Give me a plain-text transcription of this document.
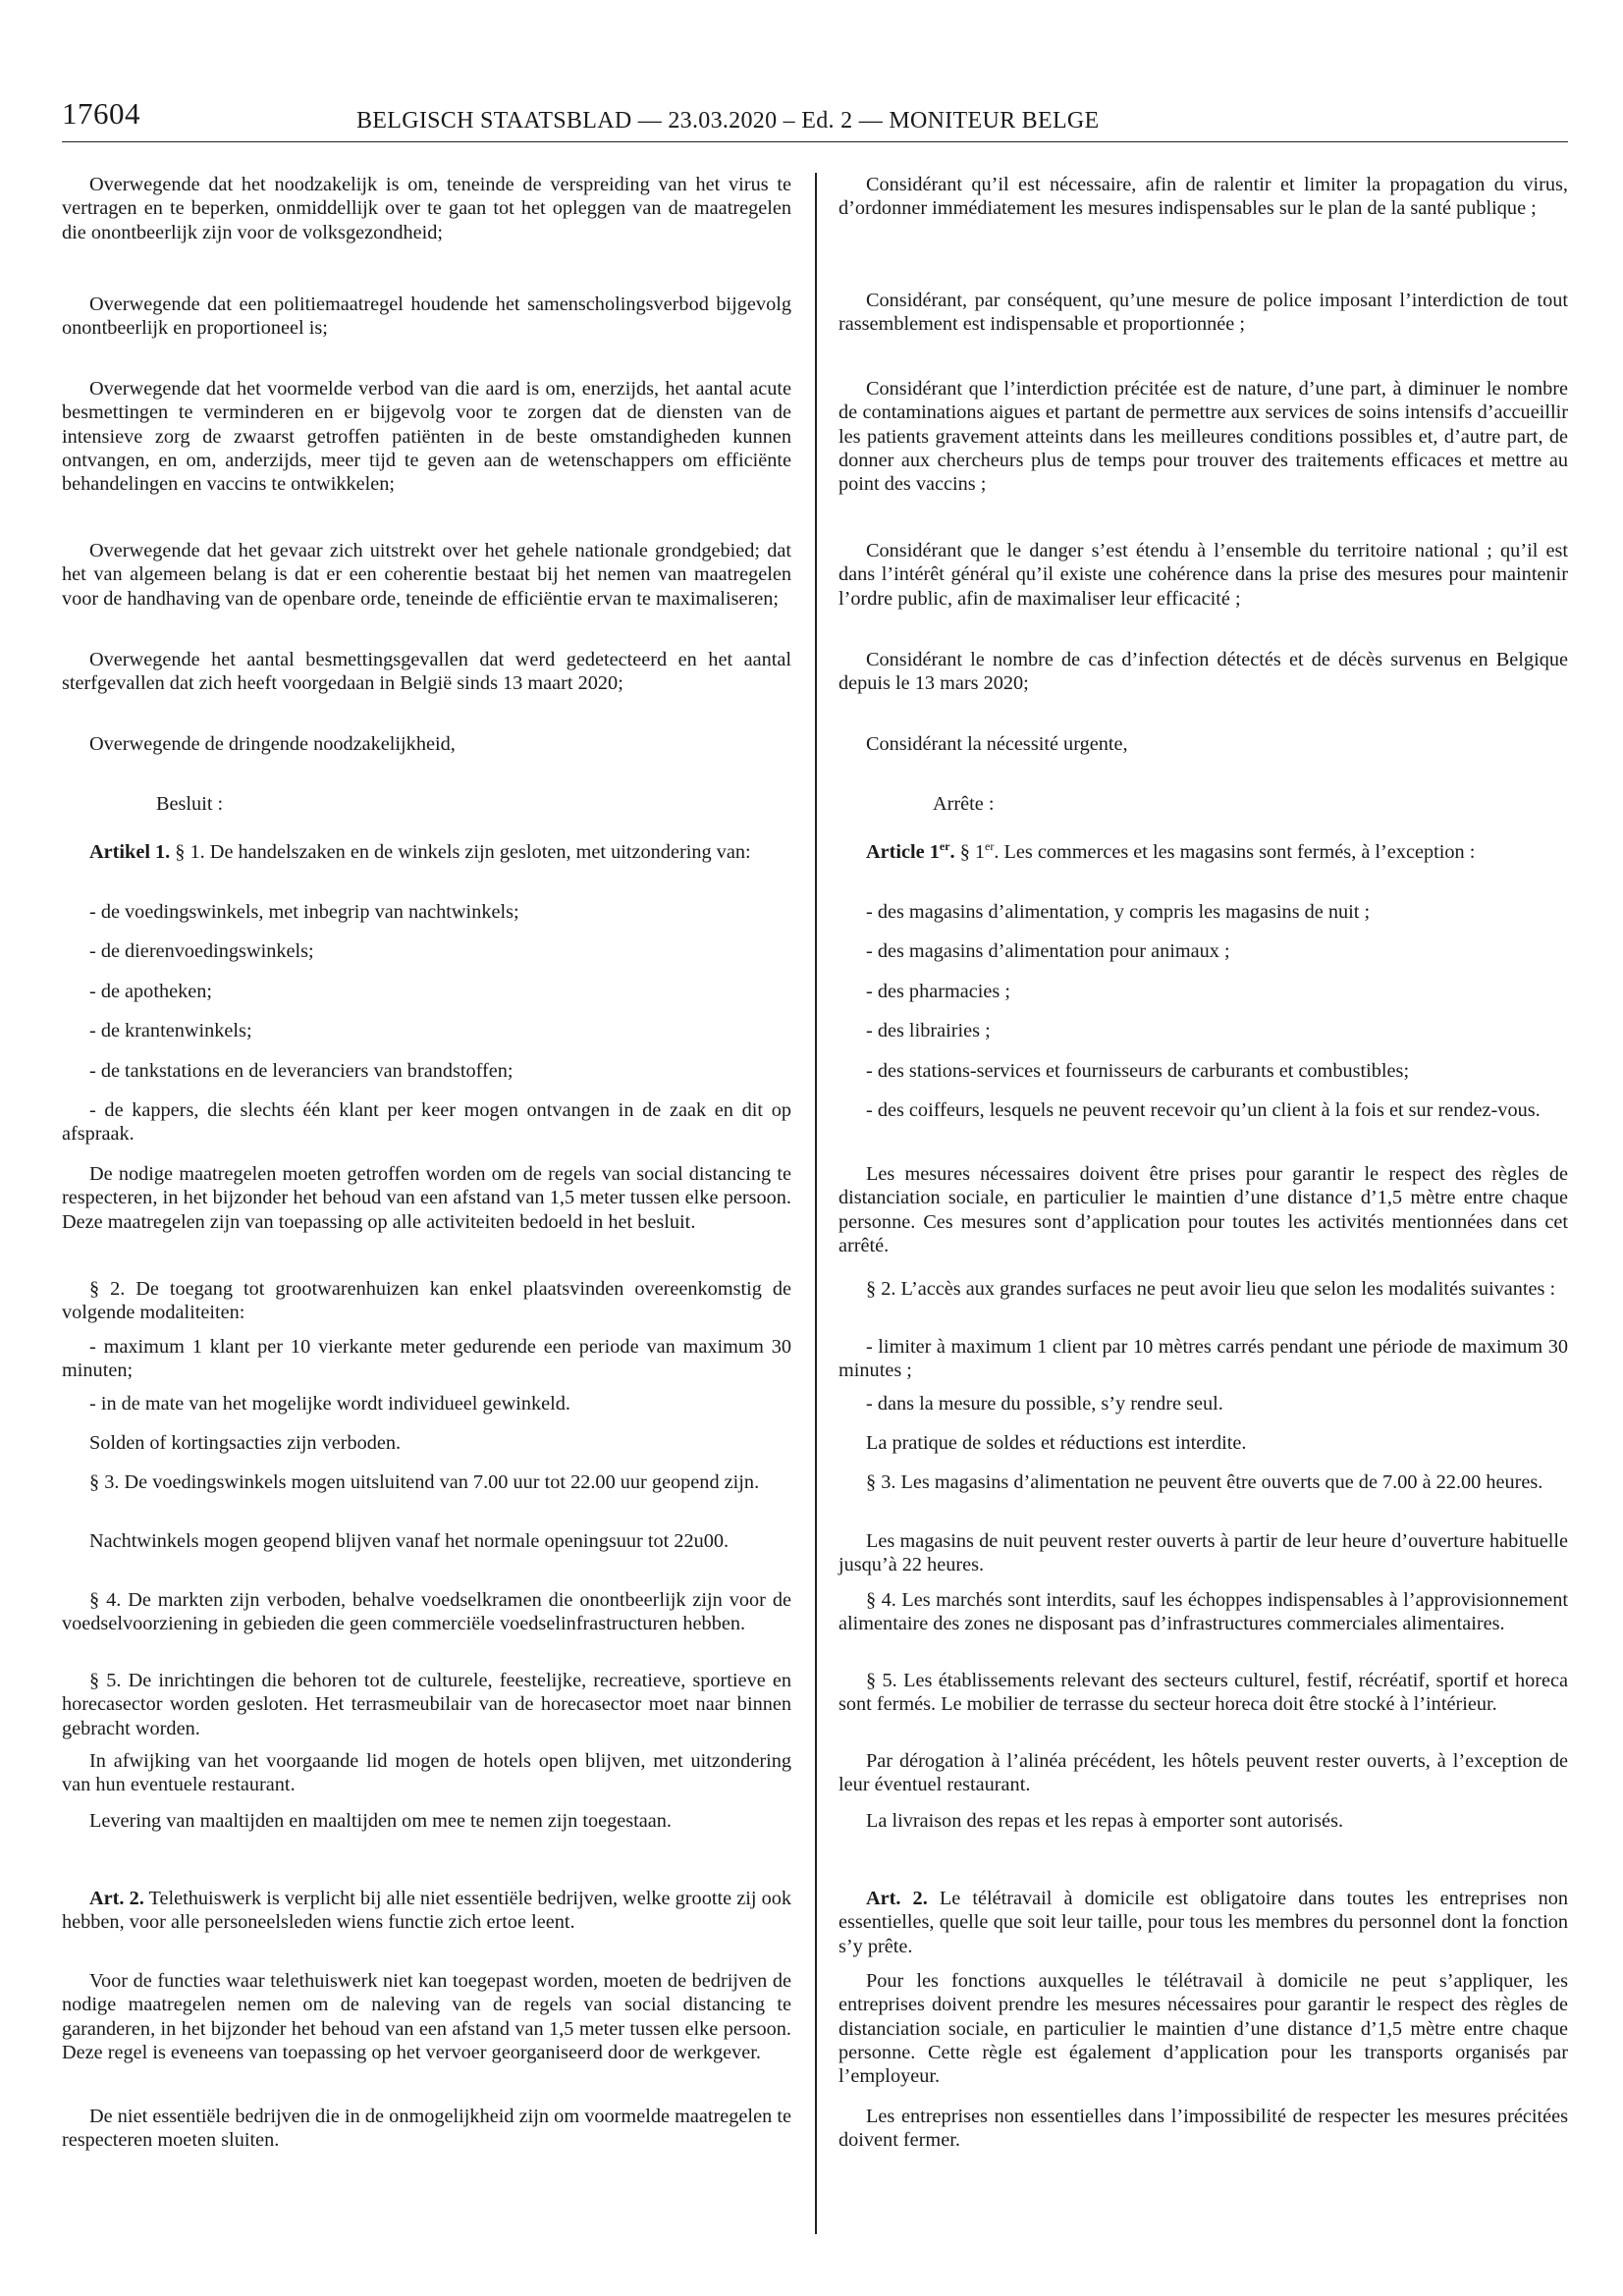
17604	BELGISCH STAATSBLAD — 23.03.2020 – Ed. 2 — MONITEUR BELGE

Overwegende dat het noodzakelijk is om, teneinde de verspreiding van het virus te vertragen en te beperken, onmiddellijk over te gaan tot het opleggen van de maatregelen die onontbeerlijk zijn voor de volksgezondheid;

Overwegende dat een politiemaatregel houdende het samenscholingsverbod bijgevolg onontbeerlijk en proportioneel is;

Overwegende dat het voormelde verbod van die aard is om, enerzijds, het aantal acute besmettingen te verminderen en er bijgevolg voor te zorgen dat de diensten van de intensieve zorg de zwaarst getroffen patiënten in de beste omstandigheden kunnen ontvangen, en om, anderzijds, meer tijd te geven aan de wetenschappers om efficiënte behandelingen en vaccins te ontwikkelen;

Overwegende dat het gevaar zich uitstrekt over het gehele nationale grondgebied; dat het van algemeen belang is dat er een coherentie bestaat bij het nemen van maatregelen voor de handhaving van de openbare orde, teneinde de efficiëntie ervan te maximaliseren;

Overwegende het aantal besmettingsgevallen dat werd gedetecteerd en het aantal sterfgevallen dat zich heeft voorgedaan in België sinds 13 maart 2020;

Overwegende de dringende noodzakelijkheid,

Besluit :

Artikel 1. § 1. De handelszaken en de winkels zijn gesloten, met uitzondering van:

- de voedingswinkels, met inbegrip van nachtwinkels;

- de dierenvoedingswinkels;

- de apotheken;

- de krantenwinkels;

- de tankstations en de leveranciers van brandstoffen;

- de kappers, die slechts één klant per keer mogen ontvangen in de zaak en dit op afspraak.

De nodige maatregelen moeten getroffen worden om de regels van social distancing te respecteren, in het bijzonder het behoud van een afstand van 1,5 meter tussen elke persoon. Deze maatregelen zijn van toepassing op alle activiteiten bedoeld in het besluit.

§ 2. De toegang tot grootwarenhuizen kan enkel plaatsvinden overeenkomstig de volgende modaliteiten:

- maximum 1 klant per 10 vierkante meter gedurende een periode van maximum 30 minuten;

- in de mate van het mogelijke wordt individueel gewinkeld.

Solden of kortingsacties zijn verboden.

§ 3. De voedingswinkels mogen uitsluitend van 7.00 uur tot 22.00 uur geopend zijn.

Nachtwinkels mogen geopend blijven vanaf het normale openingsuur tot 22u00.

§ 4. De markten zijn verboden, behalve voedselkramen die onontbeerlijk zijn voor de voedselvoorziening in gebieden die geen commerciële voedselinfrastructuren hebben.

§ 5. De inrichtingen die behoren tot de culturele, feestelijke, recreatieve, sportieve en horecasector worden gesloten. Het terrasmeubilair van de horecasector moet naar binnen gebracht worden.

In afwijking van het voorgaande lid mogen de hotels open blijven, met uitzondering van hun eventuele restaurant.

Levering van maaltijden en maaltijden om mee te nemen zijn toegestaan.

Art. 2. Telethuiswerk is verplicht bij alle niet essentiële bedrijven, welke grootte zij ook hebben, voor alle personeelsleden wiens functie zich ertoe leent.

Voor de functies waar telethuiswerk niet kan toegepast worden, moeten de bedrijven de nodige maatregelen nemen om de naleving van de regels van social distancing te garanderen, in het bijzonder het behoud van een afstand van 1,5 meter tussen elke persoon. Deze regel is eveneens van toepassing op het vervoer georganiseerd door de werkgever.

De niet essentiële bedrijven die in de onmogelijkheid zijn om voormelde maatregelen te respecteren moeten sluiten.

Considérant qu’il est nécessaire, afin de ralentir et limiter la propagation du virus, d’ordonner immédiatement les mesures indispensables sur le plan de la santé publique ;

Considérant, par conséquent, qu’une mesure de police imposant l’interdiction de tout rassemblement est indispensable et proportionnée ;

Considérant que l’interdiction précitée est de nature, d’une part, à diminuer le nombre de contaminations aigues et partant de permettre aux services de soins intensifs d’accueillir les patients gravement atteints dans les meilleures conditions possibles et, d’autre part, de donner aux chercheurs plus de temps pour trouver des traitements efficaces et mettre au point des vaccins ;

Considérant que le danger s’est étendu à l’ensemble du territoire national ; qu’il est dans l’intérêt général qu’il existe une cohérence dans la prise des mesures pour maintenir l’ordre public, afin de maximaliser leur efficacité ;

Considérant le nombre de cas d’infection détectés et de décès survenus en Belgique depuis le 13 mars 2020;

Considérant la nécessité urgente,

Arrête :

Article 1er. § 1er. Les commerces et les magasins sont fermés, à l’exception :

- des magasins d’alimentation, y compris les magasins de nuit ;

- des magasins d’alimentation pour animaux ;

- des pharmacies ;

- des librairies ;

- des stations-services et fournisseurs de carburants et combustibles;

- des coiffeurs, lesquels ne peuvent recevoir qu’un client à la fois et sur rendez-vous.

Les mesures nécessaires doivent être prises pour garantir le respect des règles de distanciation sociale, en particulier le maintien d’une distance d’1,5 mètre entre chaque personne. Ces mesures sont d’application pour toutes les activités mentionnées dans cet arrêté.

§ 2. L’accès aux grandes surfaces ne peut avoir lieu que selon les modalités suivantes :

- limiter à maximum 1 client par 10 mètres carrés pendant une période de maximum 30 minutes ;

- dans la mesure du possible, s’y rendre seul.

La pratique de soldes et réductions est interdite.

§ 3. Les magasins d’alimentation ne peuvent être ouverts que de 7.00 à 22.00 heures.

Les magasins de nuit peuvent rester ouverts à partir de leur heure d’ouverture habituelle jusqu’à 22 heures.

§ 4. Les marchés sont interdits, sauf les échoppes indispensables à l’approvisionnement alimentaire des zones ne disposant pas d’infrastructures commerciales alimentaires.

§ 5. Les établissements relevant des secteurs culturel, festif, récréatif, sportif et horeca sont fermés. Le mobilier de terrasse du secteur horeca doit être stocké à l’intérieur.

Par dérogation à l’alinéa précédent, les hôtels peuvent rester ouverts, à l’exception de leur éventuel restaurant.

La livraison des repas et les repas à emporter sont autorisés.

Art. 2. Le télétravail à domicile est obligatoire dans toutes les entreprises non essentielles, quelle que soit leur taille, pour tous les membres du personnel dont la fonction s’y prête.

Pour les fonctions auxquelles le télétravail à domicile ne peut s’appliquer, les entreprises doivent prendre les mesures nécessaires pour garantir le respect des règles de distanciation sociale, en particulier le maintien d’une distance d’1,5 mètre entre chaque personne. Cette règle est également d’application pour les transports organisés par l’employeur.

Les entreprises non essentielles dans l’impossibilité de respecter les mesures précitées doivent fermer.
